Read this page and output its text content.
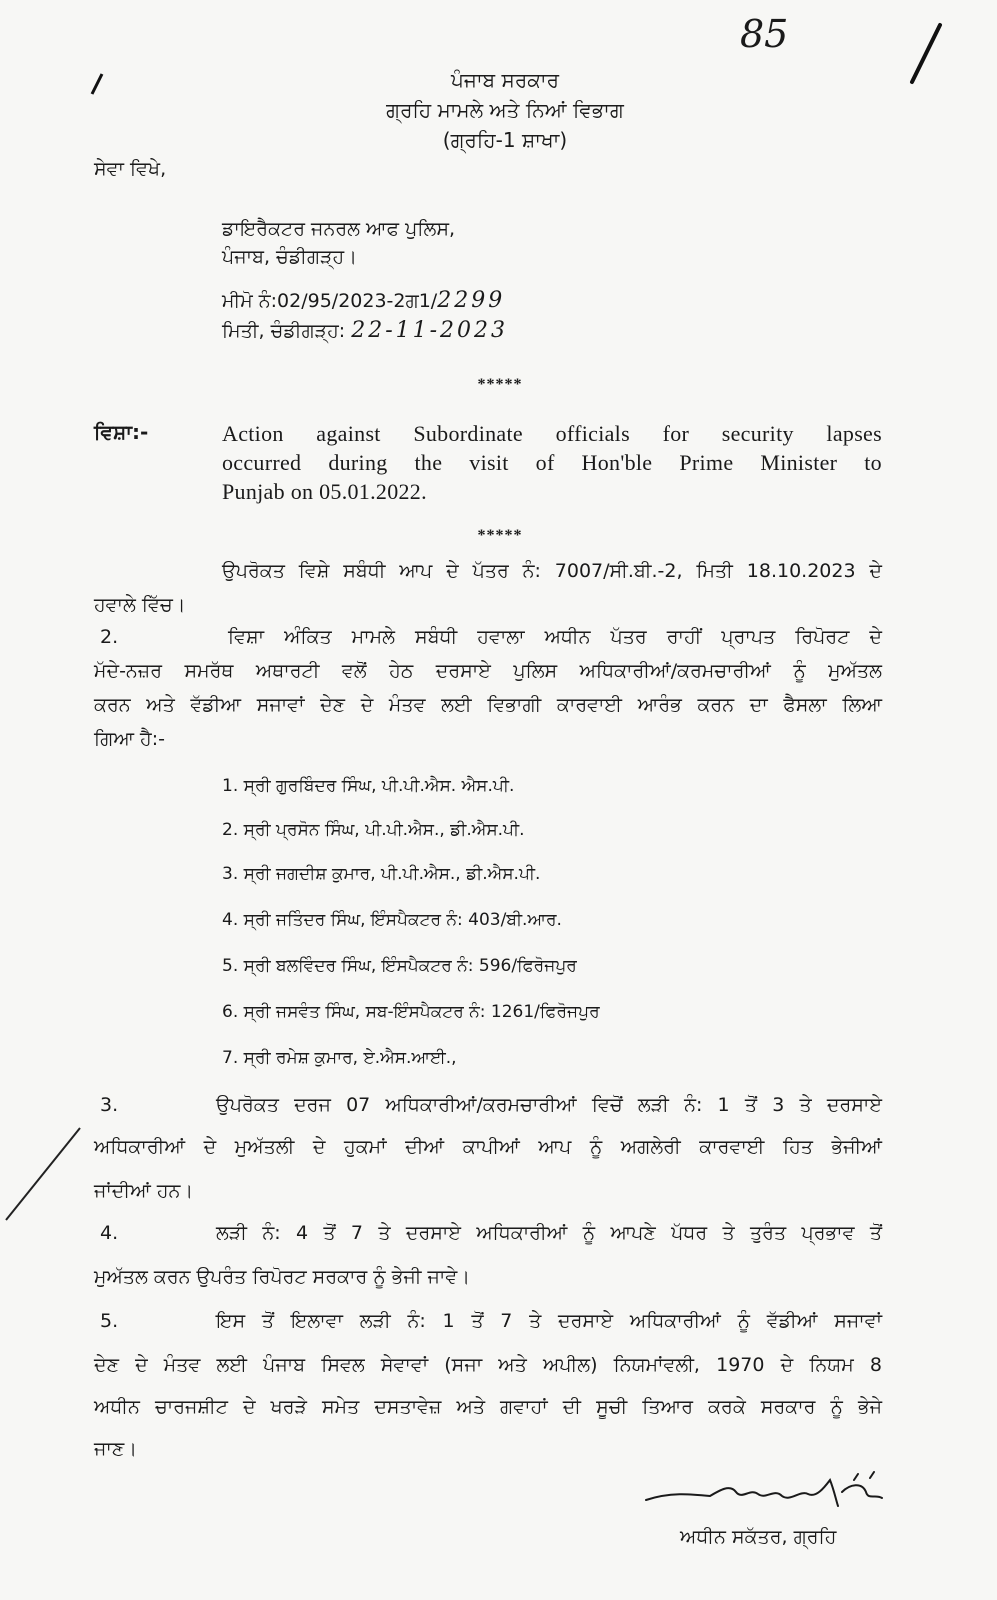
85
ਪੰਜਾਬ ਸਰਕਾਰ
ਗ੍ਰਹਿ ਮਾਮਲੇ ਅਤੇ ਨਿਆਂ ਵਿਭਾਗ
(ਗ੍ਰਹਿ-1 ਸ਼ਾਖਾ)
ਸੇਵਾ ਵਿਖੇ,
ਡਾਇਰੈਕਟਰ ਜਨਰਲ ਆਫ ਪੁਲਿਸ,
ਪੰਜਾਬ, ਚੰਡੀਗੜ੍ਹ।
ਮੀਮੋ ਨੰ:02/95/2023-2ਗ1/2299
ਮਿਤੀ, ਚੰਡੀਗੜ੍ਹ: 22-11-2023
*****
ਵਿਸ਼ਾ:-	Action against Subordinate officials for security lapses
occurred during the visit of Hon'ble Prime Minister to
Punjab on 05.01.2022.
*****
ਉਪਰੋਕਤ ਵਿਸ਼ੇ ਸਬੰਧੀ ਆਪ ਦੇ ਪੱਤਰ ਨੰ: 7007/ਸੀ.ਬੀ.-2, ਮਿਤੀ 18.10.2023 ਦੇ
ਹਵਾਲੇ ਵਿੱਚ।
2.	ਵਿਸ਼ਾ ਅੰਕਿਤ ਮਾਮਲੇ ਸਬੰਧੀ ਹਵਾਲਾ ਅਧੀਨ ਪੱਤਰ ਰਾਹੀਂ ਪ੍ਰਾਪਤ ਰਿਪੋਰਟ ਦੇ
ਮੱਦੇ-ਨਜ਼ਰ ਸਮਰੱਥ ਅਥਾਰਟੀ ਵਲੋਂ ਹੇਠ ਦਰਸਾਏ ਪੁਲਿਸ ਅਧਿਕਾਰੀਆਂ/ਕਰਮਚਾਰੀਆਂ ਨੂੰ ਮੁਅੱਤਲ
ਕਰਨ ਅਤੇ ਵੱਡੀਆ ਸਜਾਵਾਂ ਦੇਣ ਦੇ ਮੰਤਵ ਲਈ ਵਿਭਾਗੀ ਕਾਰਵਾਈ ਆਰੰਭ ਕਰਨ ਦਾ ਫੈਸਲਾ ਲਿਆ
ਗਿਆ ਹੈ:-
1. ਸ੍ਰੀ ਗੁਰਬਿੰਦਰ ਸਿੰਘ, ਪੀ.ਪੀ.ਐਸ. ਐਸ.ਪੀ.
2. ਸ੍ਰੀ ਪ੍ਰਸੋਨ ਸਿੰਘ, ਪੀ.ਪੀ.ਐਸ., ਡੀ.ਐਸ.ਪੀ.
3. ਸ੍ਰੀ ਜਗਦੀਸ਼ ਕੁਮਾਰ, ਪੀ.ਪੀ.ਐਸ., ਡੀ.ਐਸ.ਪੀ.
4. ਸ੍ਰੀ ਜਤਿੰਦਰ ਸਿੰਘ, ਇੰਸਪੈਕਟਰ ਨੰ: 403/ਬੀ.ਆਰ.
5. ਸ੍ਰੀ ਬਲਵਿੰਦਰ ਸਿੰਘ, ਇੰਸਪੈਕਟਰ ਨੰ: 596/ਫਿਰੋਜਪੁਰ
6. ਸ੍ਰੀ ਜਸਵੰਤ ਸਿੰਘ, ਸਬ-ਇੰਸਪੈਕਟਰ ਨੰ: 1261/ਫਿਰੋਜਪੁਰ
7. ਸ੍ਰੀ ਰਮੇਸ਼ ਕੁਮਾਰ, ਏ.ਐਸ.ਆਈ.,
3.	ਉਪਰੋਕਤ ਦਰਜ 07 ਅਧਿਕਾਰੀਆਂ/ਕਰਮਚਾਰੀਆਂ ਵਿਚੋਂ ਲੜੀ ਨੰ: 1 ਤੋਂ 3 ਤੇ ਦਰਸਾਏ
ਅਧਿਕਾਰੀਆਂ ਦੇ ਮੁਅੱਤਲੀ ਦੇ ਹੁਕਮਾਂ ਦੀਆਂ ਕਾਪੀਆਂ ਆਪ ਨੂੰ ਅਗਲੇਰੀ ਕਾਰਵਾਈ ਹਿਤ ਭੇਜੀਆਂ
ਜਾਂਦੀਆਂ ਹਨ।
4.	ਲੜੀ ਨੰ: 4 ਤੋਂ 7 ਤੇ ਦਰਸਾਏ ਅਧਿਕਾਰੀਆਂ ਨੂੰ ਆਪਣੇ ਪੱਧਰ ਤੇ ਤੁਰੰਤ ਪ੍ਰਭਾਵ ਤੋਂ
ਮੁਅੱਤਲ ਕਰਨ ਉਪਰੰਤ ਰਿਪੋਰਟ ਸਰਕਾਰ ਨੂੰ ਭੇਜੀ ਜਾਵੇ।
5.	ਇਸ ਤੋਂ ਇਲਾਵਾ ਲੜੀ ਨੰ: 1 ਤੋਂ 7 ਤੇ ਦਰਸਾਏ ਅਧਿਕਾਰੀਆਂ ਨੂੰ ਵੱਡੀਆਂ ਸਜਾਵਾਂ
ਦੇਣ ਦੇ ਮੰਤਵ ਲਈ ਪੰਜਾਬ ਸਿਵਲ ਸੇਵਾਵਾਂ (ਸਜਾ ਅਤੇ ਅਪੀਲ) ਨਿਯਮਾਂਵਲੀ, 1970 ਦੇ ਨਿਯਮ 8
ਅਧੀਨ ਚਾਰਜਸ਼ੀਟ ਦੇ ਖਰੜੇ ਸਮੇਤ ਦਸਤਾਵੇਜ਼ ਅਤੇ ਗਵਾਹਾਂ ਦੀ ਸੂਚੀ ਤਿਆਰ ਕਰਕੇ ਸਰਕਾਰ ਨੂੰ ਭੇਜੇ
ਜਾਣ।
ਅਧੀਨ ਸਕੱਤਰ, ਗ੍ਰਹਿ
